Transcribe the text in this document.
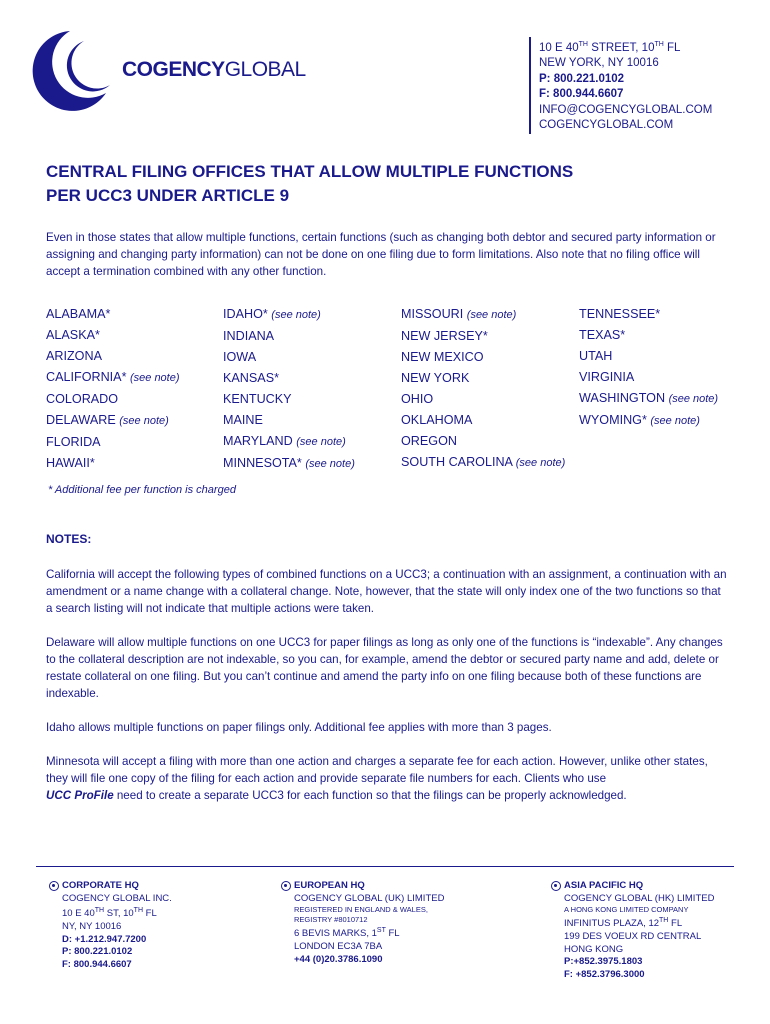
COGENCYGLOBAL
10 E 40TH STREET, 10TH FL
NEW YORK, NY 10016
P: 800.221.0102
F: 800.944.6607
INFO@COGENCYGLOBAL.COM
COGENCYGLOBAL.COM
CENTRAL FILING OFFICES THAT ALLOW MULTIPLE FUNCTIONS
PER UCC3 UNDER ARTICLE 9
Even in those states that allow multiple functions, certain functions (such as changing both debtor and secured party information or assigning and changing party information) can not be done on one filing due to form limitations. Also note that no filing office will accept a termination combined with any other function.
ALABAMA*
ALASKA*
ARIZONA
CALIFORNIA* (see note)
COLORADO
DELAWARE (see note)
FLORIDA
HAWAII*
IDAHO* (see note)
INDIANA
IOWA
KANSAS*
KENTUCKY
MAINE
MARYLAND (see note)
MINNESOTA* (see note)
MISSOURI (see note)
NEW JERSEY*
NEW MEXICO
NEW YORK
OHIO
OKLAHOMA
OREGON
SOUTH CAROLINA (see note)
TENNESSEE*
TEXAS*
UTAH
VIRGINIA
WASHINGTON (see note)
WYOMING* (see note)
* Additional fee per function is charged
NOTES:

California will accept the following types of combined functions on a UCC3; a continuation with an assignment, a continuation with an amendment or a name change with a collateral change. Note, however, that the state will only index one of the two functions so that a search listing will not indicate that multiple actions were taken.

Delaware will allow multiple functions on one UCC3 for paper filings as long as only one of the functions is “indexable”. Any changes to the collateral description are not indexable, so you can, for example, amend the debtor or secured party name and add, delete or restate collateral on one filing. But you can’t continue and amend the party info on one filing because both of these functions are indexable.

Idaho allows multiple functions on paper filings only. Additional fee applies with more than 3 pages.

Minnesota will accept a filing with more than one action and charges a separate fee for each action. However, unlike other states, they will file one copy of the filing for each action and provide separate file numbers for each. Clients who use
UCC ProFile need to create a separate UCC3 for each function so that the filings can be properly acknowledged.

CORPORATE HQ
COGENCY GLOBAL INC.
10 E 40TH ST, 10TH FL
NY, NY 10016
D: +1.212.947.7200
P: 800.221.0102
F: 800.944.6607
EUROPEAN HQ
COGENCY GLOBAL (UK) LIMITED
REGISTERED IN ENGLAND & WALES,
REGISTRY #8010712
6 BEVIS MARKS, 1ST FL
LONDON EC3A 7BA
+44 (0)20.3786.1090
ASIA PACIFIC HQ
COGENCY GLOBAL (HK) LIMITED
A HONG KONG LIMITED COMPANY
INFINITUS PLAZA, 12TH FL
199 DES VOEUX RD CENTRAL
HONG KONG
P:+852.3975.1803
F: +852.3796.3000
